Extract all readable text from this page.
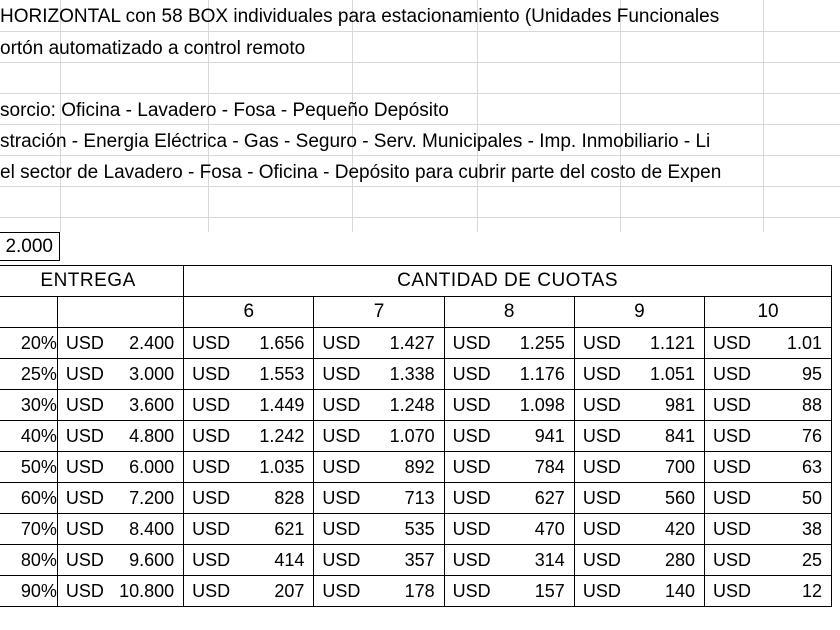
HORIZONTAL con 58 BOX individuales para estacionamiento (Unidades Funcionales
ortón automatizado a control remoto
sorcio: Oficina - Lavadero - Fosa - Pequeño Depósito
stración - Energia Eléctrica - Gas - Seguro - Serv. Municipales - Imp. Inmobiliario - Li
el sector de Lavadero - Fosa - Oficina - Depósito para cubrir parte del costo de Expen
2.000
ENTREGA		CANTIDAD DE CUOTAS				
		6	7	8	9	10
20%	USD 2.400	USD 1.656	USD 1.427	USD 1.255	USD 1.121	USD 1.01

25%	USD 3.000	USD 1.553	USD 1.338	USD 1.176	USD 1.051	USD 95

30%	USD 3.600	USD 1.449	USD 1.248	USD 1.098	USD 981	USD 88

40%	USD 4.800	USD 1.242	USD 1.070	USD 941	USD 841	USD 76

50%	USD 6.000	USD 1.035	USD 892	USD 784	USD 700	USD 63

60%	USD 7.200	USD 828	USD 713	USD 627	USD 560	USD 50

70%	USD 8.400	USD 621	USD 535	USD 470	USD 420	USD 38

80%	USD 9.600	USD 414	USD 357	USD 314	USD 280	USD 25

90%	USD 10.800	USD 207	USD 178	USD 157	USD 140	USD 12
